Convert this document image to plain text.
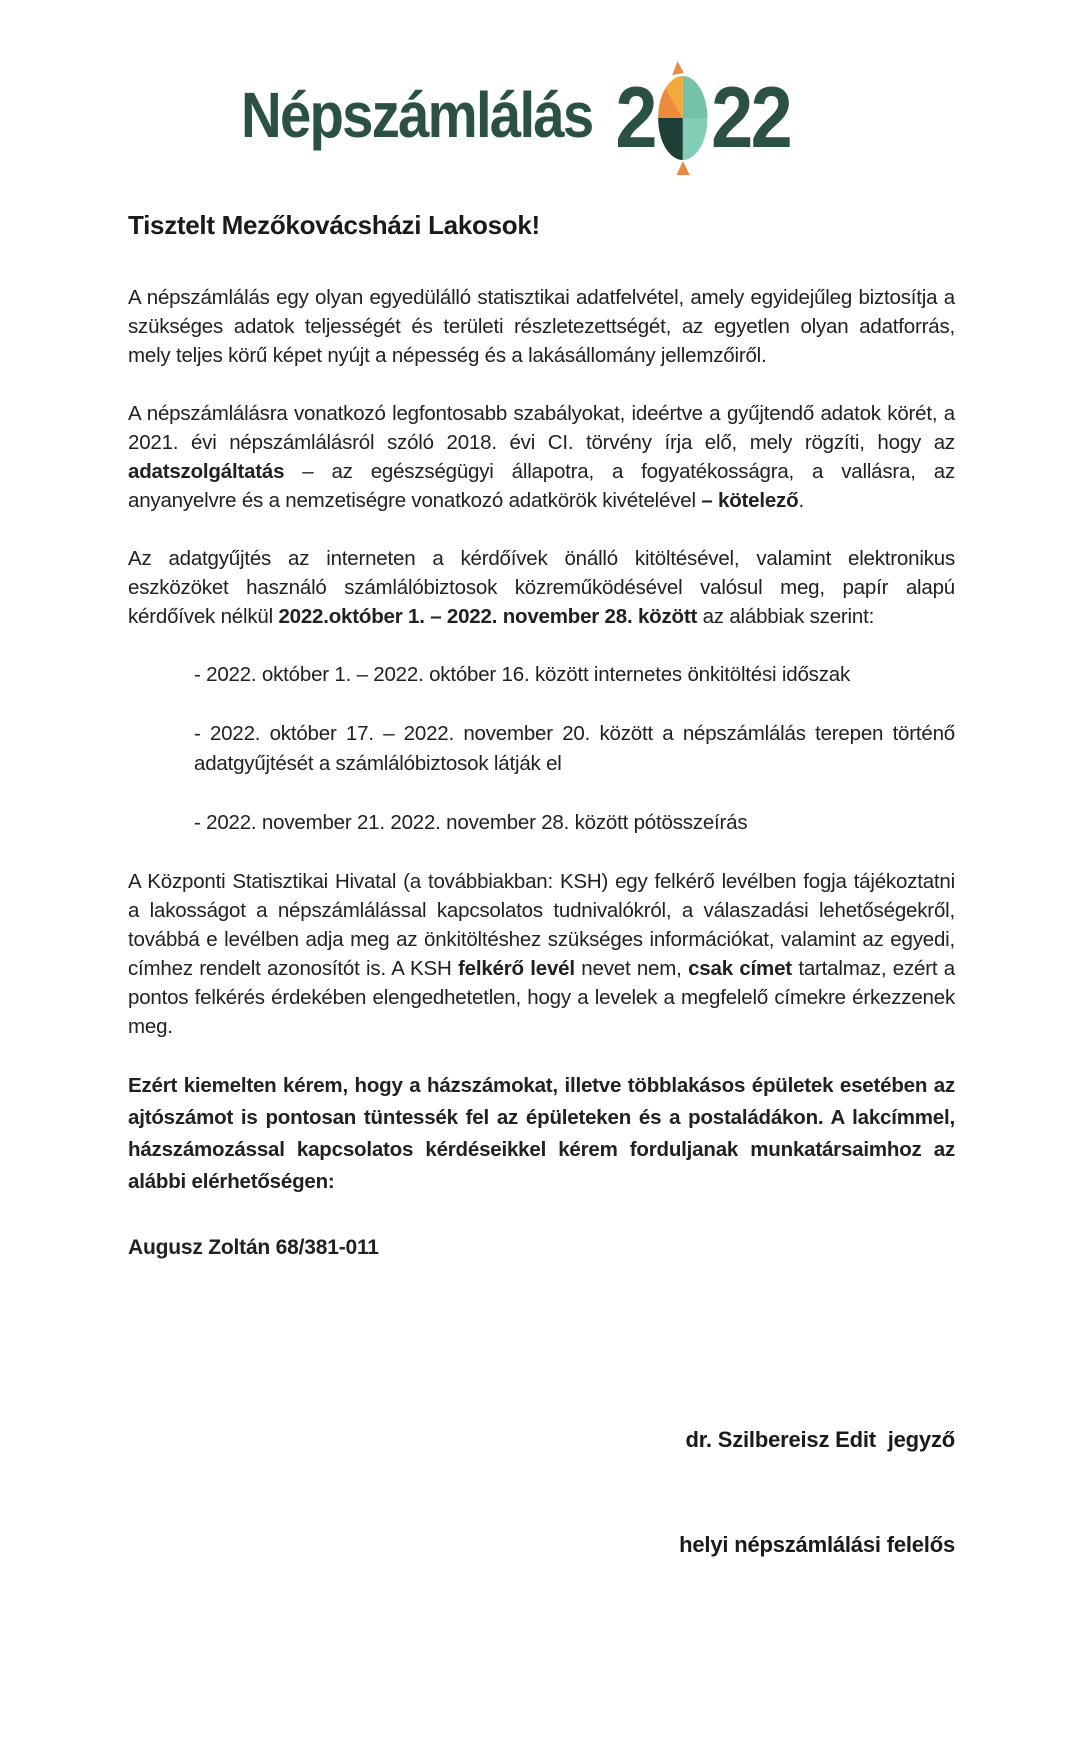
Népszámlálás 2 22
Tisztelt Mezőkovácsházi Lakosok!

A népszámlálás egy olyan egyedülálló statisztikai adatfelvétel, amely egyidejűleg biztosítja a szükséges adatok teljességét és területi részletezettségét, az egyetlen olyan adatforrás, mely teljes körű képet nyújt a népesség és a lakásállomány jellemzőiről.

A népszámlálásra vonatkozó legfontosabb szabályokat, ideértve a gyűjtendő adatok körét, a 2021. évi népszámlálásról szóló 2018. évi CI. törvény írja elő, mely rögzíti, hogy az adatszolgáltatás – az egészségügyi állapotra, a fogyatékosságra, a vallásra, az anyanyelvre és a nemzetiségre vonatkozó adatkörök kivételével – kötelező.

Az adatgyűjtés az interneten a kérdőívek önálló kitöltésével, valamint elektronikus eszközöket használó számlálóbiztosok közreműködésével valósul meg, papír alapú kérdőívek nélkül 2022.október 1. – 2022. november 28. között az alábbiak szerint:

- 2022. október 1. – 2022. október 16. között internetes önkitöltési időszak
- 2022. október 17. – 2022. november 20. között a népszámlálás terepen történő adatgyűjtését a számlálóbiztosok látják el
- 2022. november 21. 2022. november 28. között pótösszeírás

A Központi Statisztikai Hivatal (a továbbiakban: KSH) egy felkérő levélben fogja tájékoztatni a lakosságot a népszámlálással kapcsolatos tudnivalókról, a válaszadási lehetőségekről, továbbá e levélben adja meg az önkitöltéshez szükséges információkat, valamint az egyedi, címhez rendelt azonosítót is. A KSH felkérő levél nevet nem, csak címet tartalmaz, ezért a pontos felkérés érdekében elengedhetetlen, hogy a levelek a megfelelő címekre érkezzenek meg.

Ezért kiemelten kérem, hogy a házszámokat, illetve többlakásos épületek esetében az ajtószámot is pontosan tüntessék fel az épületeken és a postaládákon. A lakcímmel, házszámozással kapcsolatos kérdéseikkel kérem forduljanak munkatársaimhoz az alábbi elérhetőségen:

Augusz Zoltán 68/381-011

dr. Szilbereisz Edit  jegyző

helyi népszámlálási felelős
